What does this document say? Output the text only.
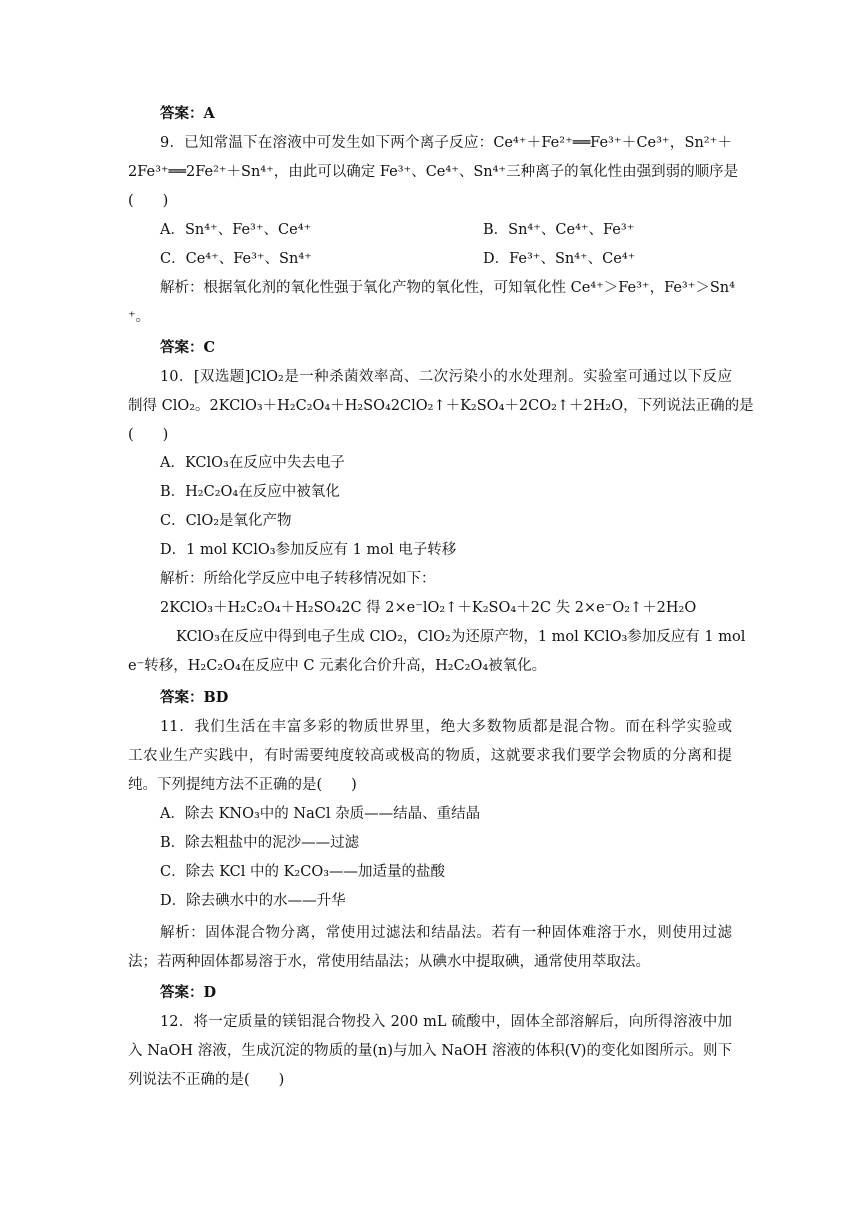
答案：A
9．已知常温下在溶液中可发生如下两个离子反应：Ce⁴⁺＋Fe²⁺══Fe³⁺＋Ce³⁺，Sn²⁺＋
2Fe³⁺══2Fe²⁺＋Sn⁴⁺，由此可以确定 Fe³⁺、Ce⁴⁺、Sn⁴⁺三种离子的氧化性由强到弱的顺序是
(　　)
A．Sn⁴⁺、Fe³⁺、Ce⁴⁺	B．Sn⁴⁺、Ce⁴⁺、Fe³⁺
C．Ce⁴⁺、Fe³⁺、Sn⁴⁺	D．Fe³⁺、Sn⁴⁺、Ce⁴⁺
解析：根据氧化剂的氧化性强于氧化产物的氧化性，可知氧化性 Ce⁴⁺＞Fe³⁺，Fe³⁺＞Sn⁴
⁺。
答案：C
10．[双选题]ClO₂是一种杀菌效率高、二次污染小的水处理剂。实验室可通过以下反应
制得 ClO₂。2KClO₃＋H₂C₂O₄＋H₂SO₄2ClO₂↑＋K₂SO₄＋2CO₂↑＋2H₂O，下列说法正确的是
(　　)
A．KClO₃在反应中失去电子
B．H₂C₂O₄在反应中被氧化
C．ClO₂是氧化产物
D．1 mol KClO₃参加反应有 1 mol 电子转移
解析：所给化学反应中电子转移情况如下：
2KClO₃＋H₂C₂O₄＋H₂SO₄2C 得 2×e⁻lO₂↑＋K₂SO₄＋2C 失 2×e⁻O₂↑＋2H₂O
KClO₃在反应中得到电子生成 ClO₂，ClO₂为还原产物，1 mol KClO₃参加反应有 1 mol
e⁻转移，H₂C₂O₄在反应中 C 元素化合价升高，H₂C₂O₄被氧化。
答案：BD
11．我们生活在丰富多彩的物质世界里，绝大多数物质都是混合物。而在科学实验或
工农业生产实践中，有时需要纯度较高或极高的物质，这就要求我们要学会物质的分离和提
纯。下列提纯方法不正确的是(　　)
A．除去 KNO₃中的 NaCl 杂质——结晶、重结晶
B．除去粗盐中的泥沙——过滤
C．除去 KCl 中的 K₂CO₃——加适量的盐酸
D．除去碘水中的水——升华
解析：固体混合物分离，常使用过滤法和结晶法。若有一种固体难溶于水，则使用过滤
法；若两种固体都易溶于水，常使用结晶法；从碘水中提取碘，通常使用萃取法。
答案：D
12．将一定质量的镁铝混合物投入 200 mL 硫酸中，固体全部溶解后，向所得溶液中加
入 NaOH 溶液，生成沉淀的物质的量(n)与加入 NaOH 溶液的体积(V)的变化如图所示。则下
列说法不正确的是(　　)
